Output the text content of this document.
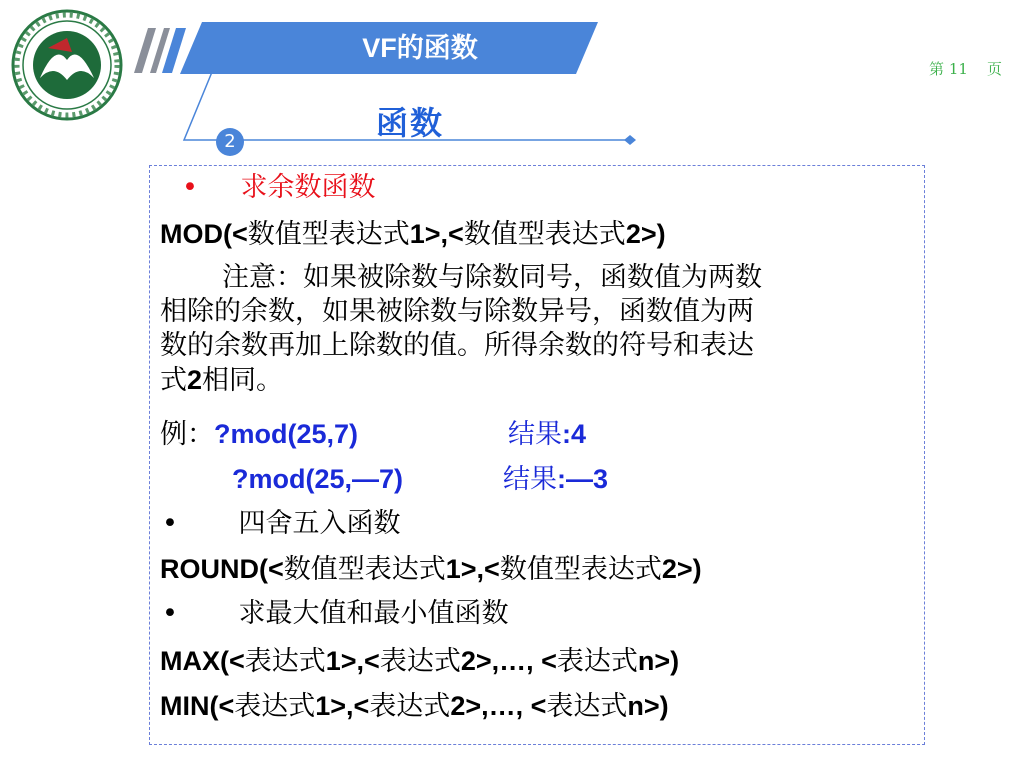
VF的函数
第 11 页
函数
2
• 求余数函数
MOD(<数值型表达式1>,<数值型表达式2>)
注意：如果被除数与除数同号，函数值为两数
相除的余数，如果被除数与除数异号，函数值为两
数的余数再加上除数的值。所得余数的符号和表达
式2相同。
例：?mod(25,7)	结果:4
?mod(25,—7)	结果:—3
• 四舍五入函数
ROUND(<数值型表达式1>,<数值型表达式2>)
• 求最大值和最小值函数
MAX(<表达式1>,<表达式2>,…, <表达式n>)
MIN(<表达式1>,<表达式2>,…, <表达式n>)
